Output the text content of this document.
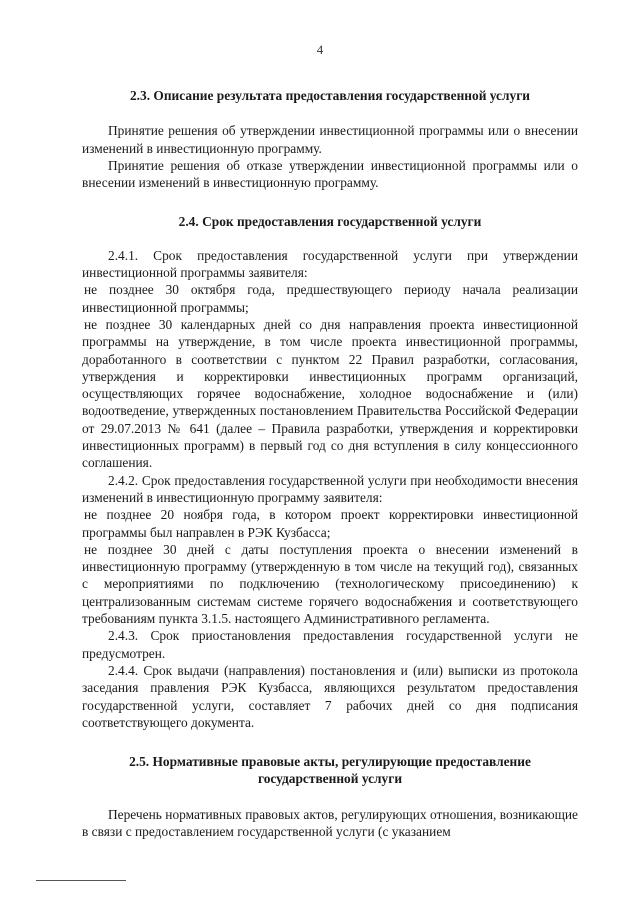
4
2.3. Описание результата предоставления государственной услуги

Принятие решения об утверждении инвестиционной программы или о внесении изменений в инвестиционную программу.

Принятие решения об отказе утверждении инвестиционной программы или о внесении изменений в инвестиционную программу.

2.4. Срок предоставления государственной услуги

2.4.1. Срок предоставления государственной услуги при утверждении инвестиционной программы заявителя:

не позднее 30 октября года, предшествующего периоду начала реализации инвестиционной программы;

не позднее 30 календарных дней со дня направления проекта инвестиционной программы на утверждение, в том числе проекта инвестиционной программы, доработанного в соответствии с пунктом 22 Правил разработки, согласования, утверждения и корректировки инвестиционных программ организаций, осуществляющих горячее водоснабжение, холодное водоснабжение и (или) водоотведение, утвержденных постановлением Правительства Российской Федерации от 29.07.2013 № 641 (далее – Правила разработки, утверждения и корректировки инвестиционных программ) в первый год со дня вступления в силу концессионного соглашения.

2.4.2. Срок предоставления государственной услуги при необходимости внесения изменений в инвестиционную программу заявителя:

не позднее 20 ноября года, в котором проект корректировки инвестиционной программы был направлен в РЭК Кузбасса;

не позднее 30 дней с даты поступления проекта о внесении изменений в инвестиционную программу (утвержденную в том числе на текущий год), связанных с мероприятиями по подключению (технологическому присоединению) к централизованным системам системе горячего водоснабжения и соответствующего требованиям пункта 3.1.5. настоящего Административного регламента.

2.4.3. Срок приостановления предоставления государственной услуги не предусмотрен.

2.4.4. Срок выдачи (направления) постановления и (или) выписки из протокола заседания правления РЭК Кузбасса, являющихся результатом предоставления государственной услуги, составляет 7 рабочих дней со дня подписания соответствующего документа.

2.5. Нормативные правовые акты, регулирующие предоставление
государственной услуги

Перечень нормативных правовых актов, регулирующих отношения, возникающие в связи с предоставлением государственной услуги (с указанием
